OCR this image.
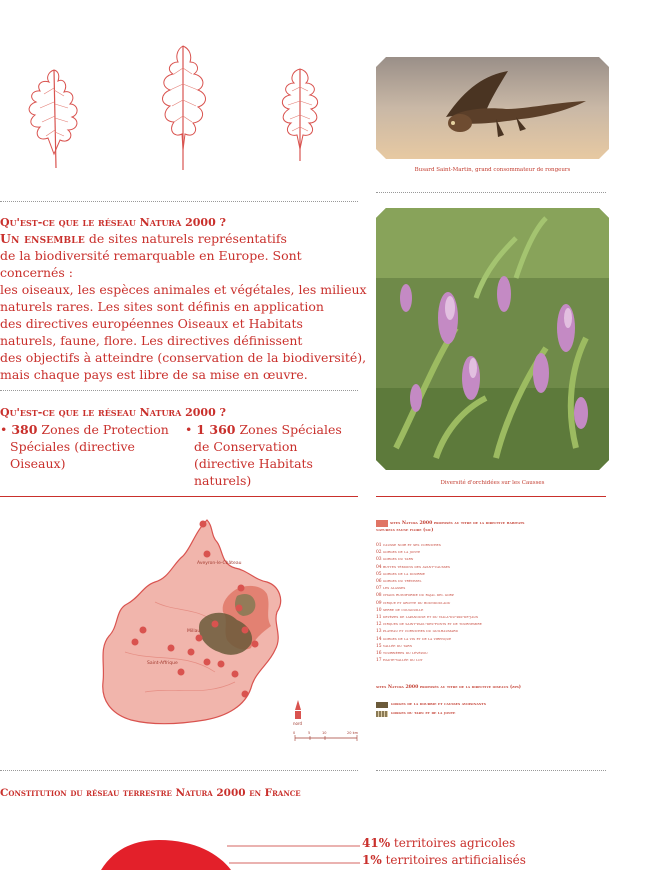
Busard Saint-Martin, grand consommateur de rongeurs
Diversité d'orchidées sur les Causses
Qu'est-ce que le réseau Natura 2000 ?
Un ensemble de sites naturels représentatifs
de la biodiversité remarquable en Europe. Sont concernés :
les oiseaux, les espèces animales et végétales, les milieux
naturels rares. Les sites sont définis en application
des directives européennes Oiseaux et Habitats
naturels, faune, flore. Les directives définissent
des objectifs à atteindre (conservation de la biodiversité),
mais chaque pays est libre de sa mise en œuvre.
Qu'est-ce que le réseau Natura 2000 ?
• 380 Zones de Protection
Spéciales (directive
Oiseaux)
• 1 360 Zones Spéciales
de Conservation
(directive Habitats
naturels)
Aveyron-le-Château
Millau
Saint-Affrique
nord
0	5	10	20 km
sites Natura 2000 proposés au titre de la directive habitats naturels faune flore (sic)
01 causse noir et ses corniches
02 gorges de la jonte
03 gorges du tarn
04 buttes témoins des avant-causses
05 gorges de la dourbie
06 gorges du trévezel
07 les alasses
08 chaos ruiniforme du rajal del gorp
09 cirque et grotte du boundoulaou
10 serre de cougouille
11 devèzes de lapanouse et du viala-du-pas-de-jaux
12 cirques de saint-paul-des-fonts et de tournemire
13 plateau et corniches du guilhaumard
14 gorges de la vis et de la virenque
15 vallée du tarn
16 tourbières du lévézou
17 haute-vallée du lot
sites Natura 2000 proposés au titre de la directive oiseaux (zps)
gorges de la dourbie et causses avoisinants
gorges du tarn et de la jonte
Constitution du réseau terrestre Natura 2000 en France
41% territoires agricoles
1% territoires artificialisés
